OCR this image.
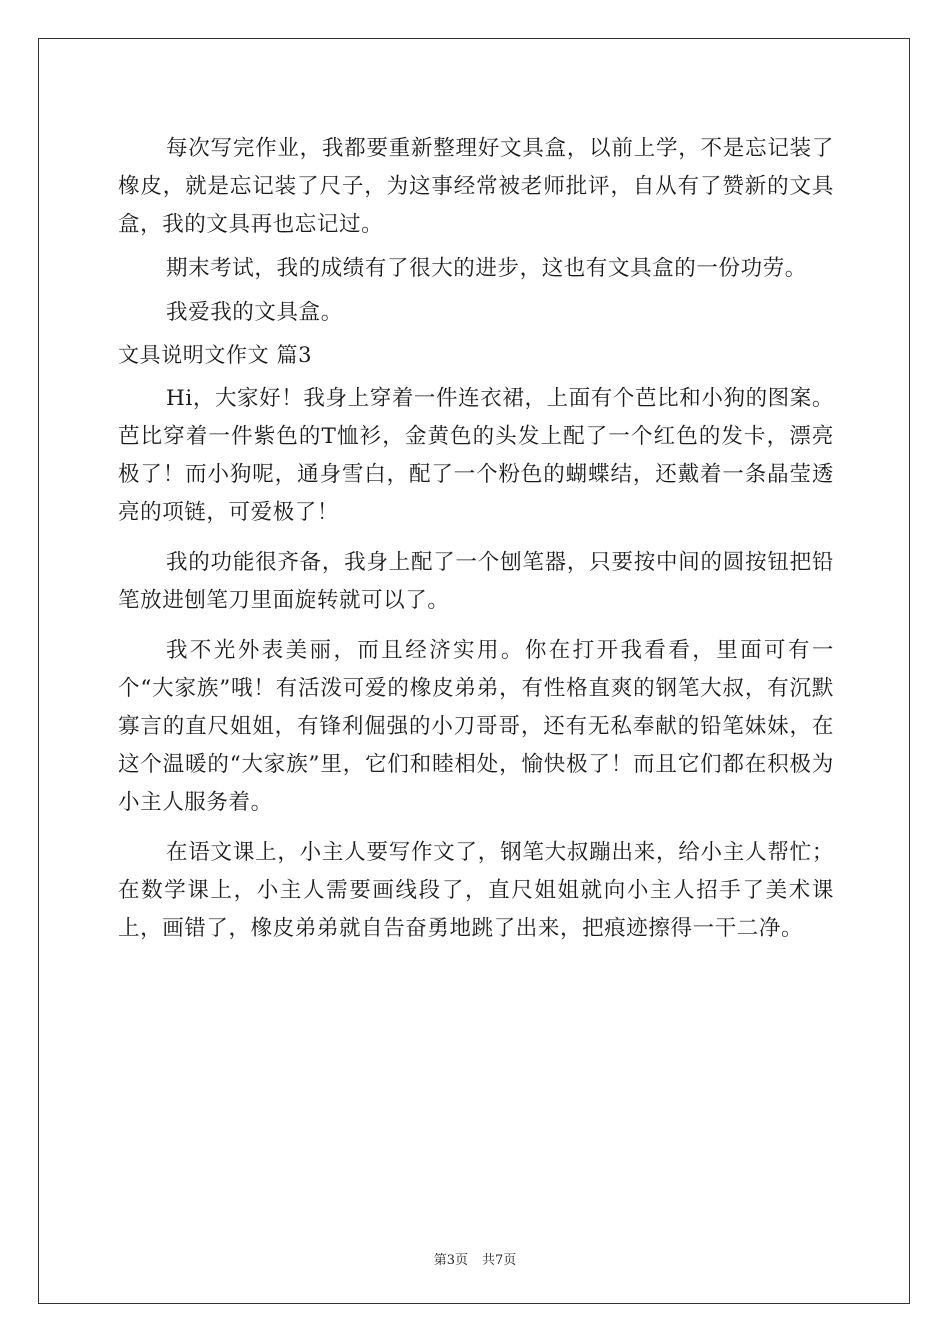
每次写完作业，我都要重新整理好文具盒，以前上学，不是忘记装了橡皮，就是忘记装了尺子，为这事经常被老师批评，自从有了赞新的文具盒，我的文具再也忘记过。

期末考试，我的成绩有了很大的进步，这也有文具盒的一份功劳。

我爱我的文具盒。

文具说明文作文 篇3

Hi，大家好！我身上穿着一件连衣裙，上面有个芭比和小狗的图案。芭比穿着一件紫色的T恤衫，金黄色的头发上配了一个红色的发卡，漂亮极了！而小狗呢，通身雪白，配了一个粉色的蝴蝶结，还戴着一条晶莹透亮的项链，可爱极了！

我的功能很齐备，我身上配了一个刨笔器，只要按中间的圆按钮把铅笔放进刨笔刀里面旋转就可以了。

我不光外表美丽，而且经济实用。你在打开我看看，里面可有一个“大家族”哦！有活泼可爱的橡皮弟弟，有性格直爽的钢笔大叔，有沉默寡言的直尺姐姐，有锋利倔强的小刀哥哥，还有无私奉献的铅笔妹妹，在这个温暖的“大家族”里，它们和睦相处，愉快极了！而且它们都在积极为小主人服务着。

在语文课上，小主人要写作文了，钢笔大叔蹦出来，给小主人帮忙；在数学课上，小主人需要画线段了，直尺姐姐就向小主人招手了美术课上，画错了，橡皮弟弟就自告奋勇地跳了出来，把痕迹擦得一干二净。

第3页 共7页
